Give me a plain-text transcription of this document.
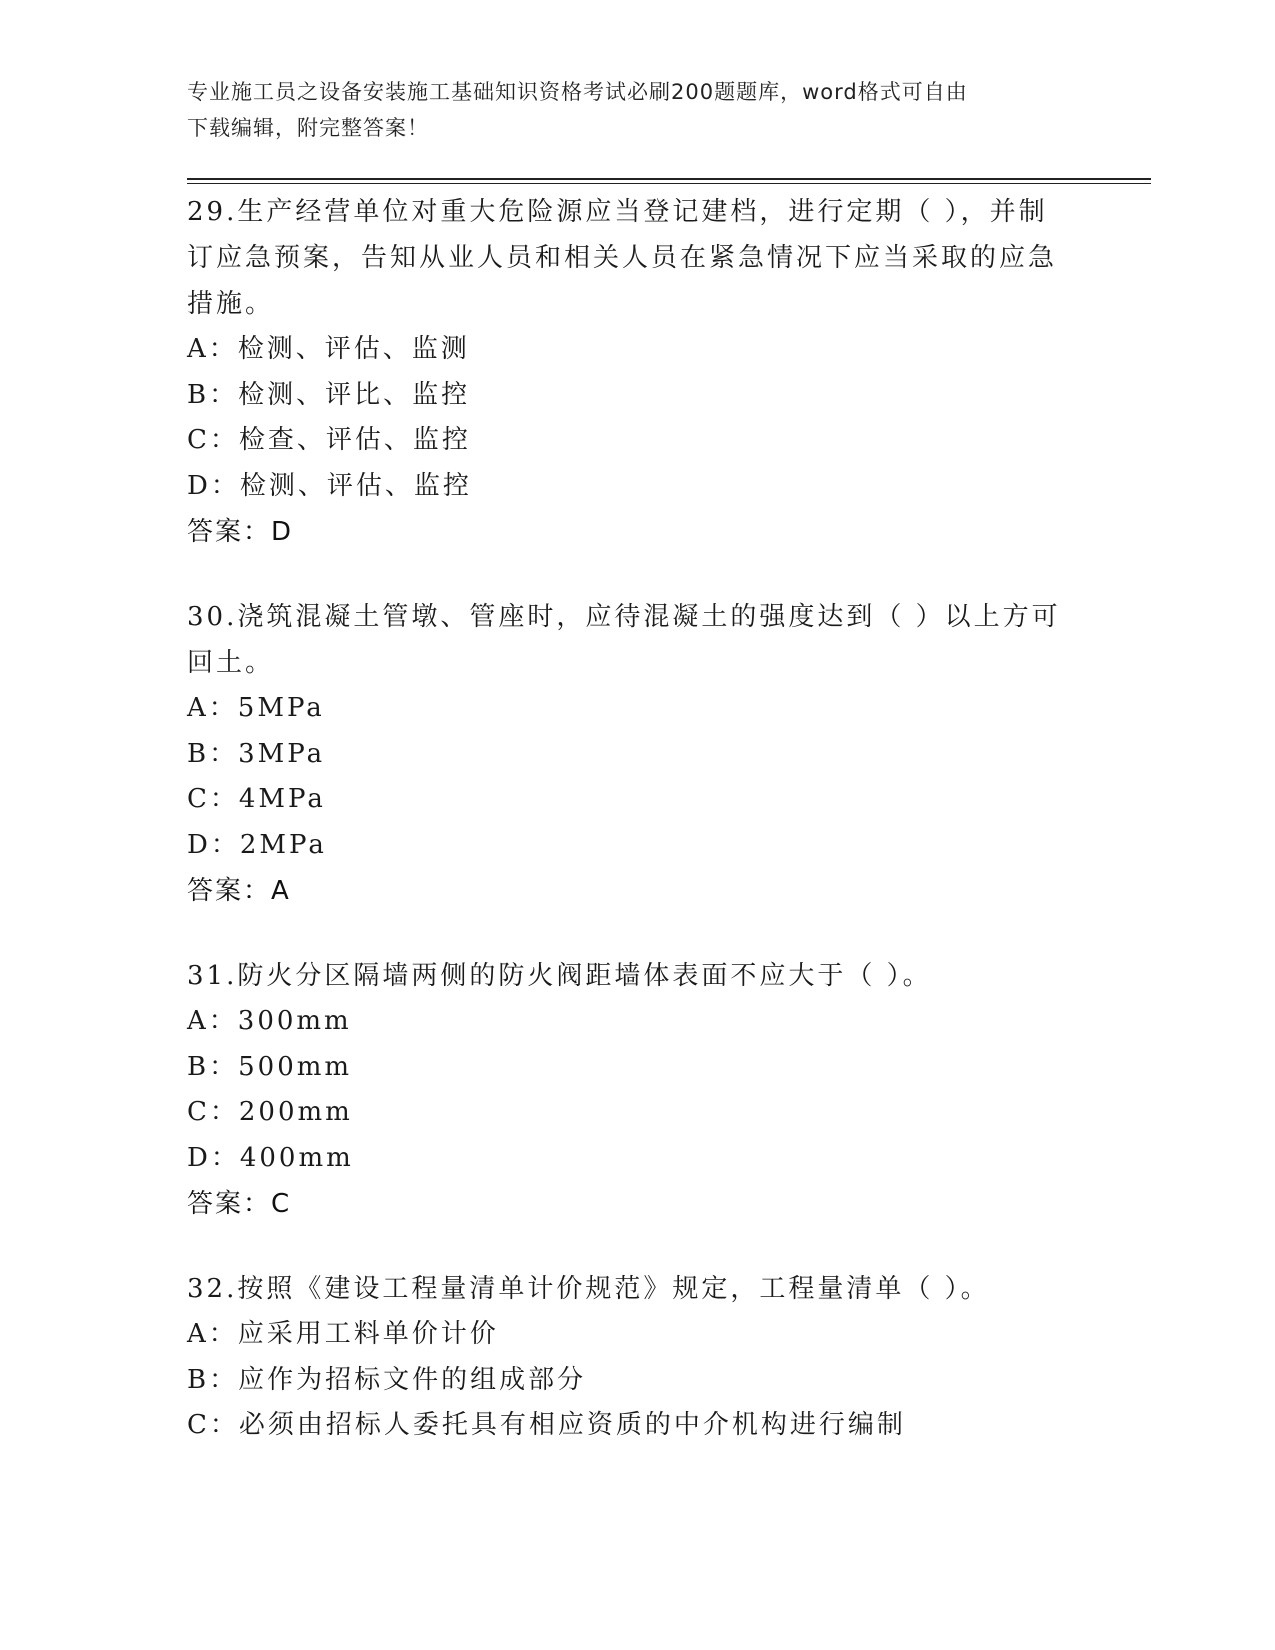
专业施工员之设备安装施工基础知识资格考试必刷200题题库，word格式可自由
下载编辑，附完整答案！

29.生产经营单位对重大危险源应当登记建档，进行定期（ ），并制

订应急预案，告知从业人员和相关人员在紧急情况下应当采取的应急

措施。

A：检测、评估、监测

B：检测、评比、监控

C：检查、评估、监控

D：检测、评估、监控

答案：D

30.浇筑混凝土管墩、管座时，应待混凝土的强度达到（ ）以上方可

回土。

A：5MPa

B：3MPa

C：4MPa

D：2MPa

答案：A

31.防火分区隔墙两侧的防火阀距墙体表面不应大于（ ）。

A：300mm

B：500mm

C：200mm

D：400mm

答案：C

32.按照《建设工程量清单计价规范》规定，工程量清单（ ）。

A：应采用工料单价计价

B：应作为招标文件的组成部分

C：必须由招标人委托具有相应资质的中介机构进行编制
